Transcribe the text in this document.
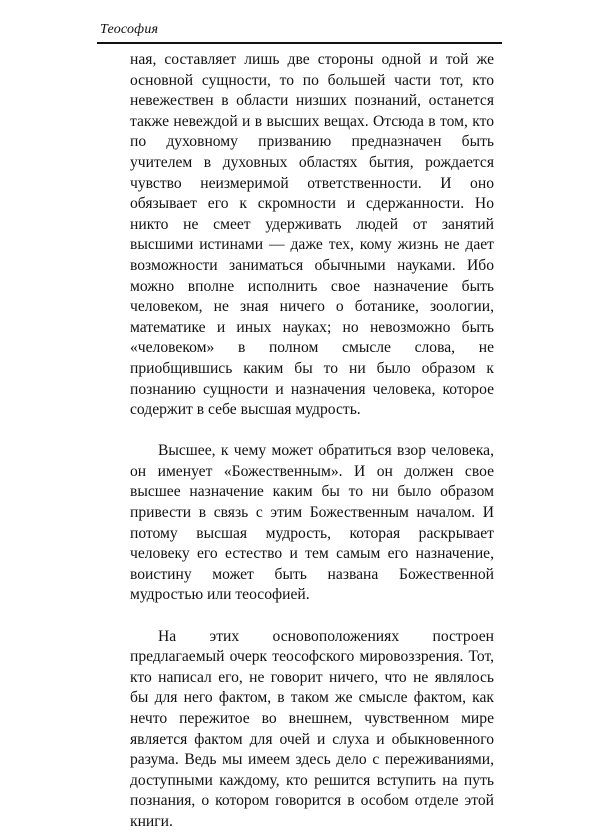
Теософия

ная, составляет лишь две стороны одной и той же основной сущности, то по большей части тот, кто невежествен в области низших познаний, останется также невеждой и в высших вещах. Отсюда в том, кто по духовному призванию предназначен быть учителем в духовных областях бытия, рождается чувство неизмеримой ответственности. И оно обязывает его к скромности и сдержанности. Но никто не смеет удерживать людей от занятий высшими истинами — даже тех, кому жизнь не дает возможности заниматься обычными науками. Ибо можно вполне исполнить свое назначение быть человеком, не зная ничего о ботанике, зоологии, математике и иных науках; но невозможно быть «человеком» в полном смысле слова, не приобщившись каким бы то ни было образом к познанию сущности и назначения человека, которое содержит в себе высшая мудрость.

Высшее, к чему может обратиться взор человека, он именует «Божественным». И он должен свое высшее назначение каким бы то ни было образом привести в связь с этим Божественным началом. И потому высшая мудрость, которая раскрывает человеку его естество и тем самым его назначение, воистину может быть названа Божественной мудростью или теософией.

На этих основоположениях построен предлагаемый очерк теософского мировоззрения. Тот, кто написал его, не говорит ничего, что не являлось бы для него фактом, в таком же смысле фактом, как нечто пережитое во внешнем, чувственном мире является фактом для очей и слуха и обыкновенного разума. Ведь мы имеем здесь дело с переживаниями, доступными каждому, кто решится вступить на путь познания, о котором говорится в особом отделе этой книги.
